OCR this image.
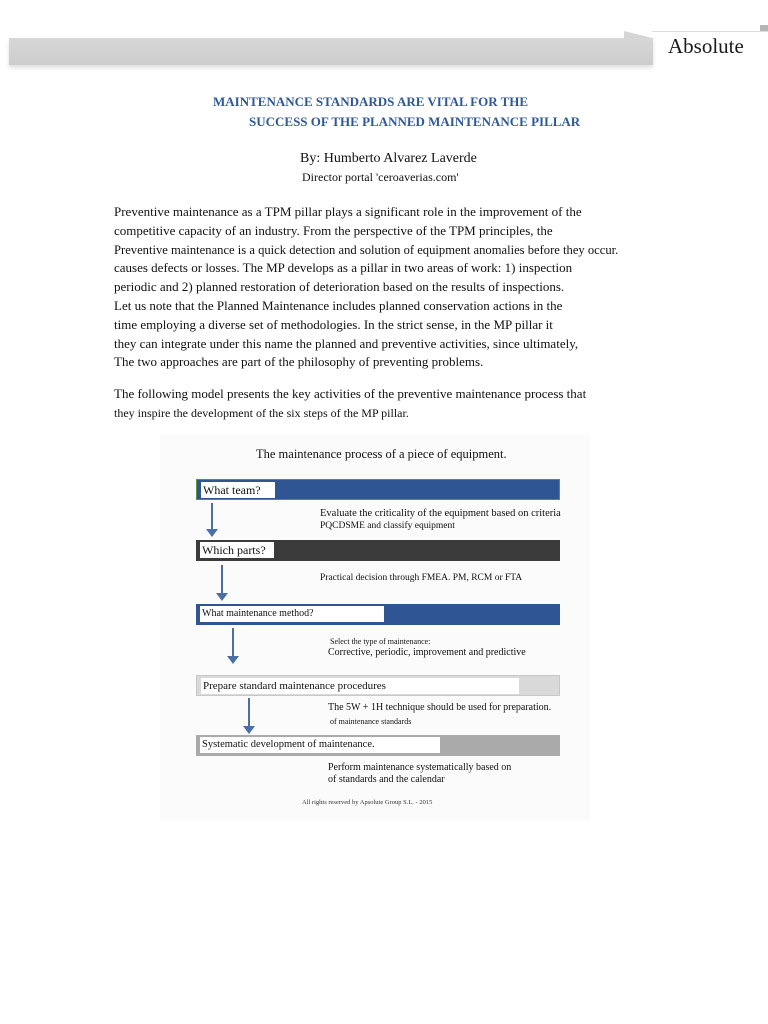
Absolute
MAINTENANCE STANDARDS ARE VITAL FOR THE
SUCCESS OF THE PLANNED MAINTENANCE PILLAR
By: Humberto Alvarez Laverde
Director portal 'ceroaverias.com'
Preventive maintenance as a TPM pillar plays a significant role in the improvement of the
competitive capacity of an industry. From the perspective of the TPM principles, the
Preventive maintenance is a quick detection and solution of equipment anomalies before they occur.
causes defects or losses. The MP develops as a pillar in two areas of work: 1) inspection
periodic and 2) planned restoration of deterioration based on the results of inspections.
Let us note that the Planned Maintenance includes planned conservation actions in the
time employing a diverse set of methodologies. In the strict sense, in the MP pillar it
they can integrate under this name the planned and preventive activities, since ultimately,
The two approaches are part of the philosophy of preventing problems.
The following model presents the key activities of the preventive maintenance process that
they inspire the development of the six steps of the MP pillar.
The maintenance process of a piece of equipment.
What team?
Evaluate the criticality of the equipment based on criteria
PQCDSME and classify equipment
Which parts?
Practical decision through FMEA. PM, RCM or FTA
What maintenance method?
Select the type of maintenance:
Corrective, periodic, improvement and predictive
Prepare standard maintenance procedures
The 5W + 1H technique should be used for preparation.
of maintenance standards
Systematic development of maintenance.
Perform maintenance systematically based on
of standards and the calendar
All rights reserved by Apsolute Group S.L. - 2015
